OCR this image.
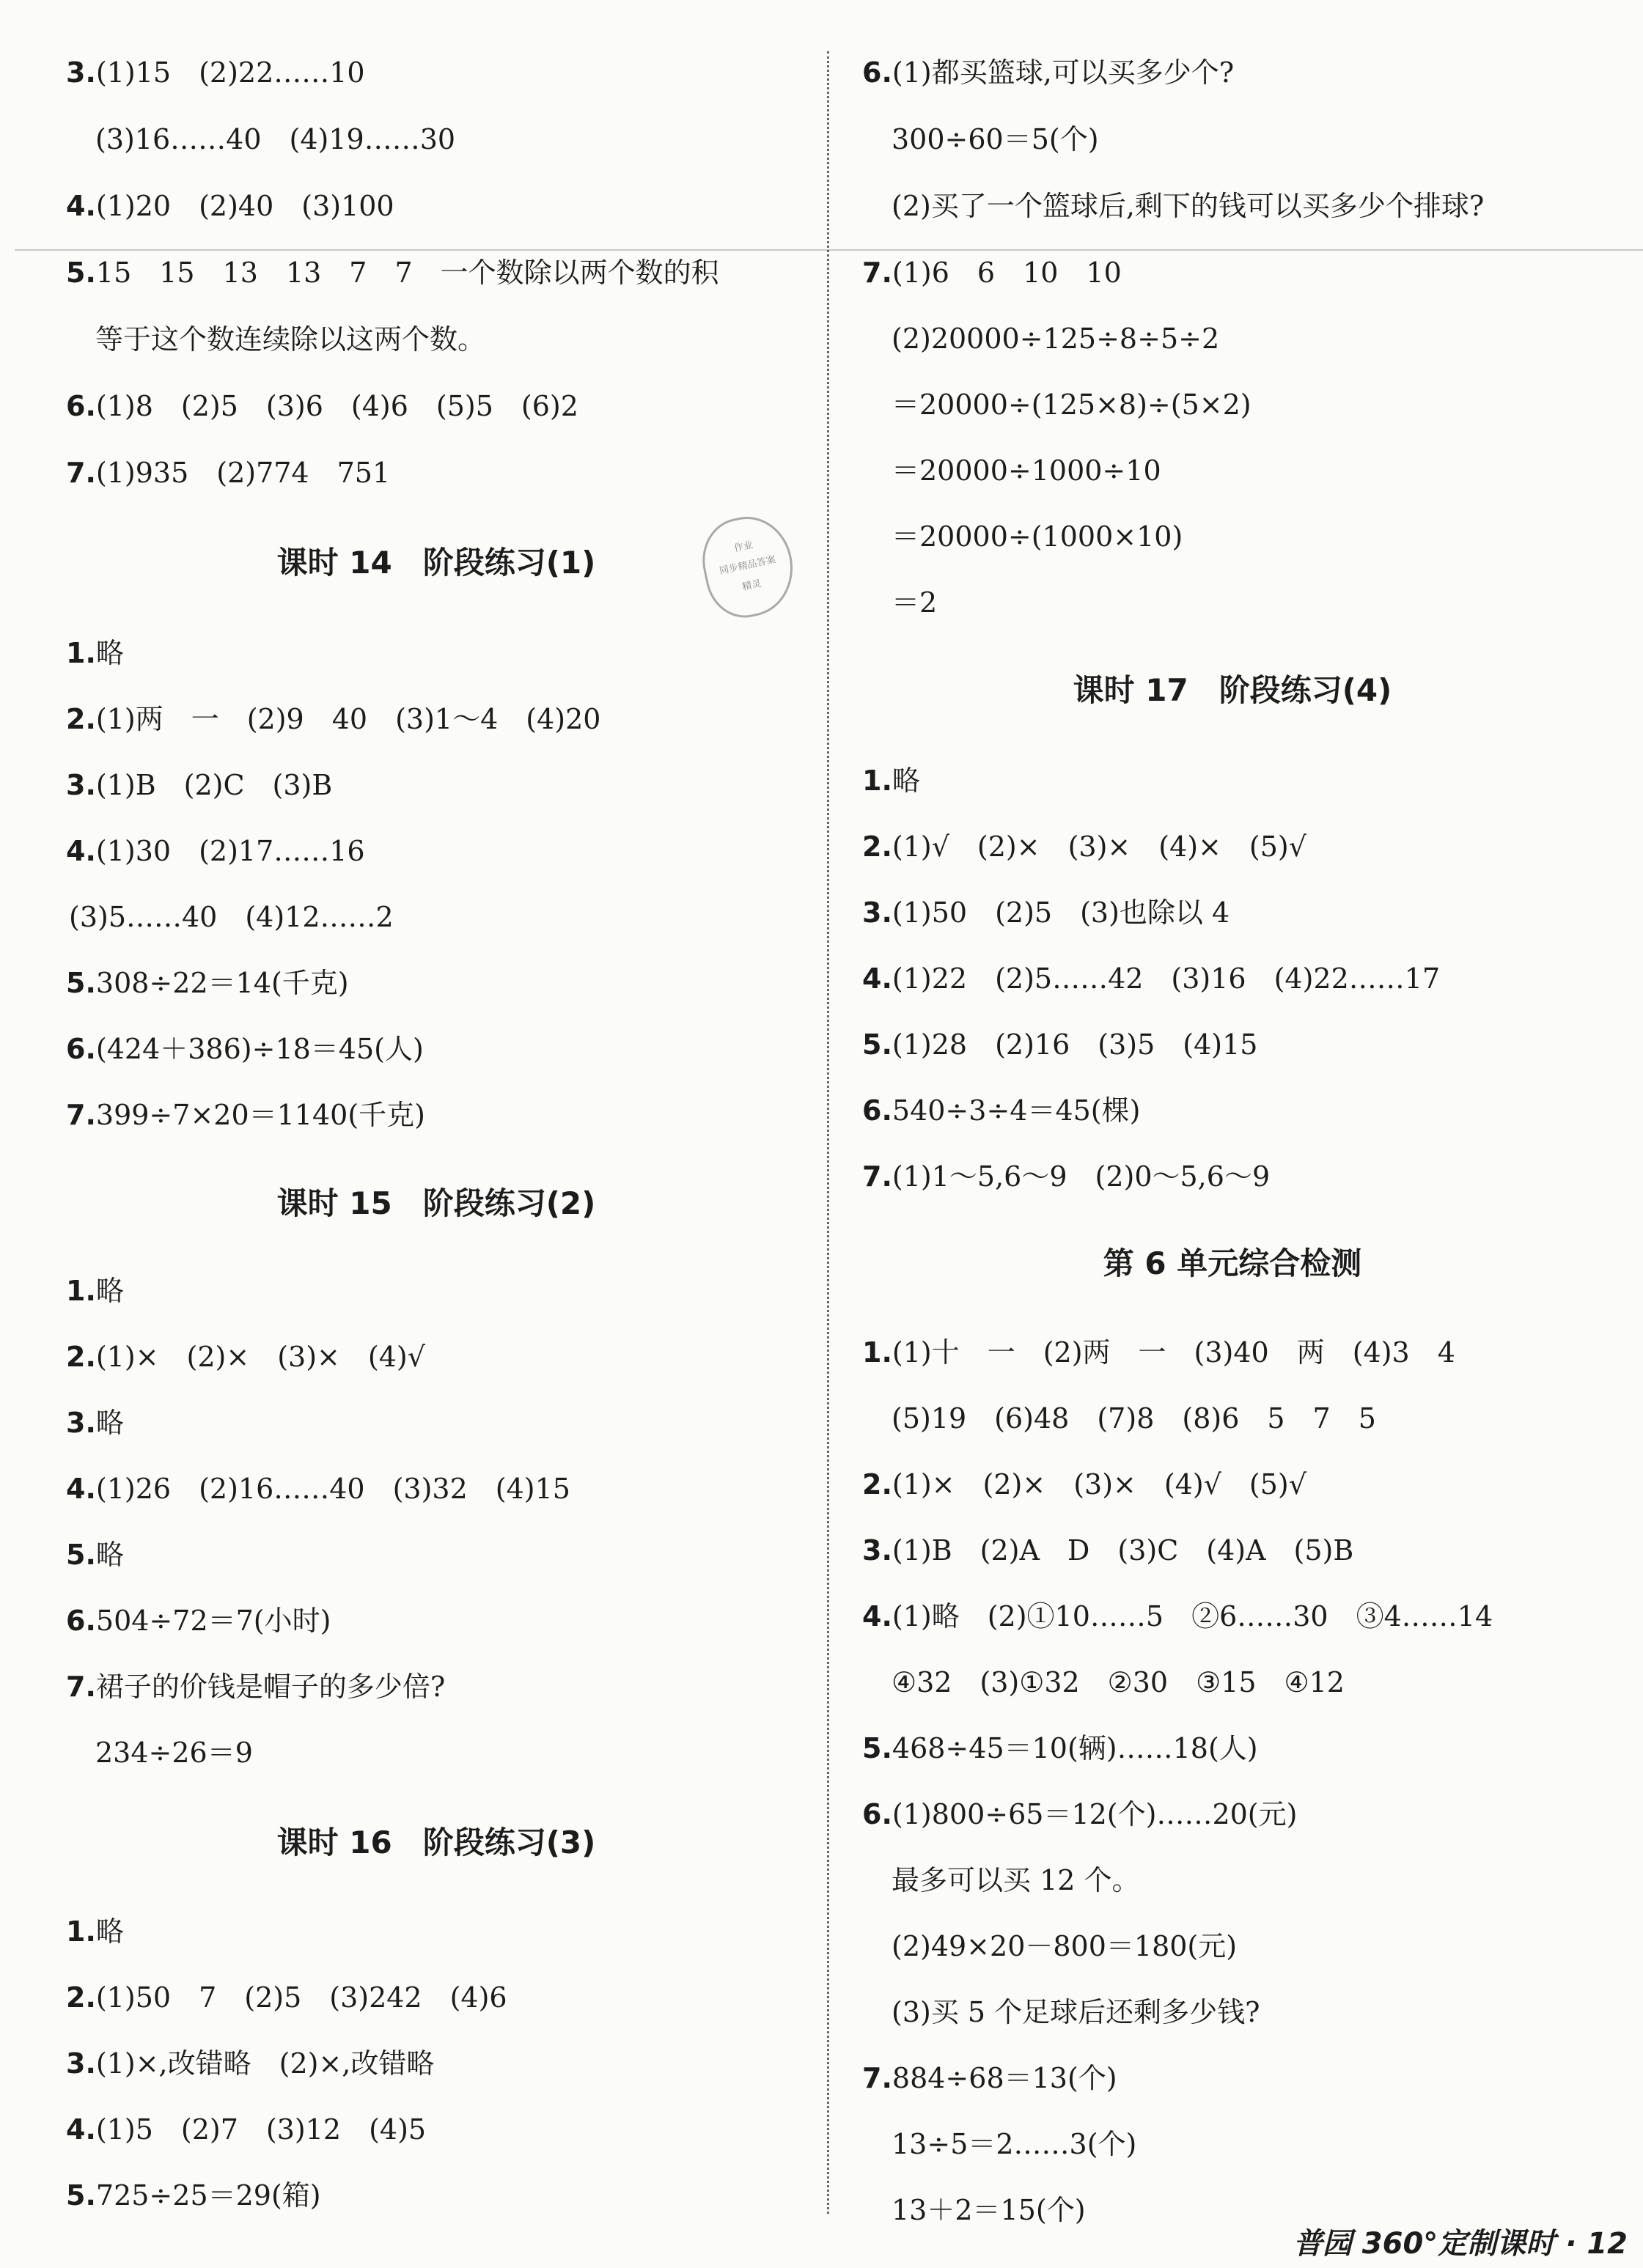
3.(1)15　(2)22……10
(3)16……40　(4)19……30
4.(1)20　(2)40　(3)100
5.15　15　13　13　7　7　一个数除以两个数的积
等于这个数连续除以这两个数。
6.(1)8　(2)5　(3)6　(4)6　(5)5　(6)2
7.(1)935　(2)774　751
课时 14　阶段练习(1)
1.略
2.(1)两　一　(2)9　40　(3)1～4　(4)20
3.(1)B　(2)C　(3)B
4.(1)30　(2)17……16
(3)5……40　(4)12……2
5.308÷22＝14(千克)
6.(424＋386)÷18＝45(人)
7.399÷7×20＝1140(千克)
课时 15　阶段练习(2)
1.略
2.(1)×　(2)×　(3)×　(4)√
3.略
4.(1)26　(2)16……40　(3)32　(4)15
5.略
6.504÷72＝7(小时)
7.裙子的价钱是帽子的多少倍?
234÷26＝9
课时 16　阶段练习(3)
1.略
2.(1)50　7　(2)5　(3)242　(4)6
3.(1)×,改错略　(2)×,改错略
4.(1)5　(2)7　(3)12　(4)5
5.725÷25＝29(箱)
作业
同步精品答案
精灵
6.(1)都买篮球,可以买多少个?
300÷60＝5(个)
(2)买了一个篮球后,剩下的钱可以买多少个排球?
7.(1)6　6　10　10
(2)20000÷125÷8÷5÷2
＝20000÷(125×8)÷(5×2)
＝20000÷1000÷10
＝20000÷(1000×10)
＝2
课时 17　阶段练习(4)
1.略
2.(1)√　(2)×　(3)×　(4)×　(5)√
3.(1)50　(2)5　(3)也除以 4
4.(1)22　(2)5……42　(3)16　(4)22……17
5.(1)28　(2)16　(3)5　(4)15
6.540÷3÷4＝45(棵)
7.(1)1～5,6～9　(2)0～5,6～9
第 6 单元综合检测
1.(1)十　一　(2)两　一　(3)40　两　(4)3　4
(5)19　(6)48　(7)8　(8)6　5　7　5
2.(1)×　(2)×　(3)×　(4)√　(5)√
3.(1)B　(2)A　D　(3)C　(4)A　(5)B
4.(1)略　(2)①10……5　②6……30　③4……14
④32　(3)①32　②30　③15　④12
5.468÷45＝10(辆)……18(人)
6.(1)800÷65＝12(个)……20(元)
最多可以买 12 个。
(2)49×20－800＝180(元)
(3)买 5 个足球后还剩多少钱?
7.884÷68＝13(个)
13÷5＝2……3(个)
13＋2＝15(个)
普园 360°定制课时 · 12
